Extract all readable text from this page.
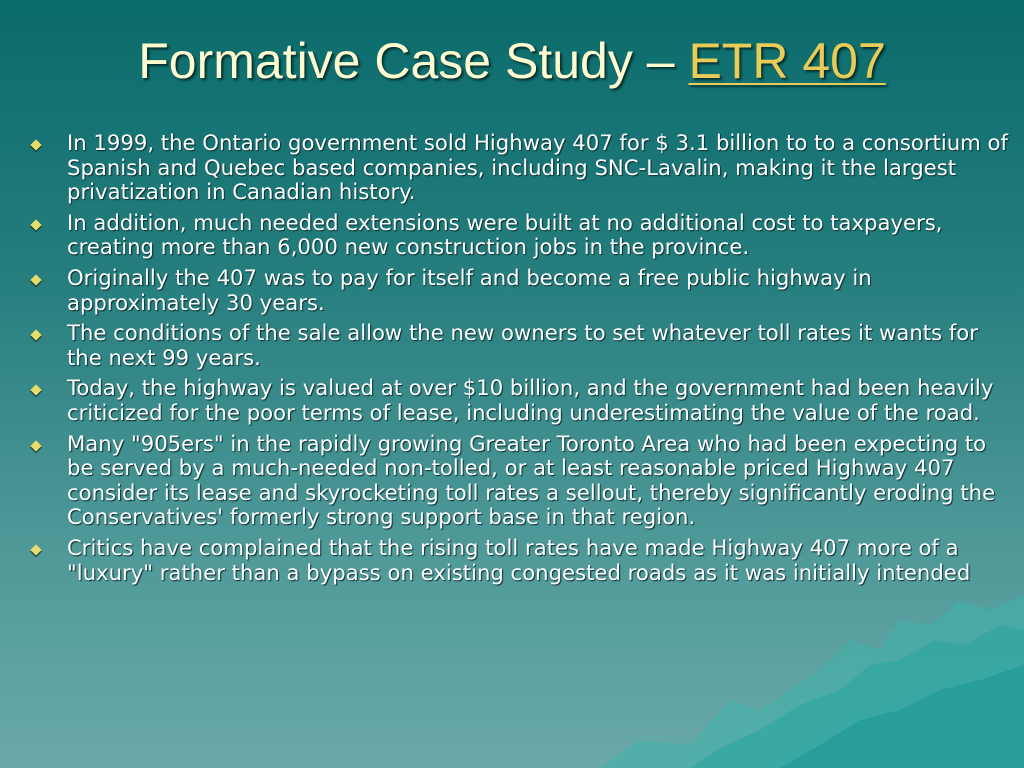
Formative Case Study – ETR 407
In 1999, the Ontario government sold Highway 407 for $ 3.1 billion to to a consortium of Spanish and Quebec based companies, including SNC-Lavalin, making it the largest privatization in Canadian history.
In addition, much needed extensions were built at no additional cost to taxpayers, creating more than 6,000 new construction jobs in the province.
Originally the 407 was to pay for itself and become a free public highway in approximately 30 years.
The conditions of the sale allow the new owners to set whatever toll rates it wants for the next 99 years.
Today, the highway is valued at over $10 billion, and the government had been heavily criticized for the poor terms of lease, including underestimating the value of the road.
Many "905ers" in the rapidly growing Greater Toronto Area who had been expecting to be served by a much-needed non-tolled, or at least reasonable priced Highway 407 consider its lease and skyrocketing toll rates a sellout, thereby significantly eroding the Conservatives' formerly strong support base in that region.
Critics have complained that the rising toll rates have made Highway 407 more of a "luxury" rather than a bypass on existing congested roads as it was initially intended
